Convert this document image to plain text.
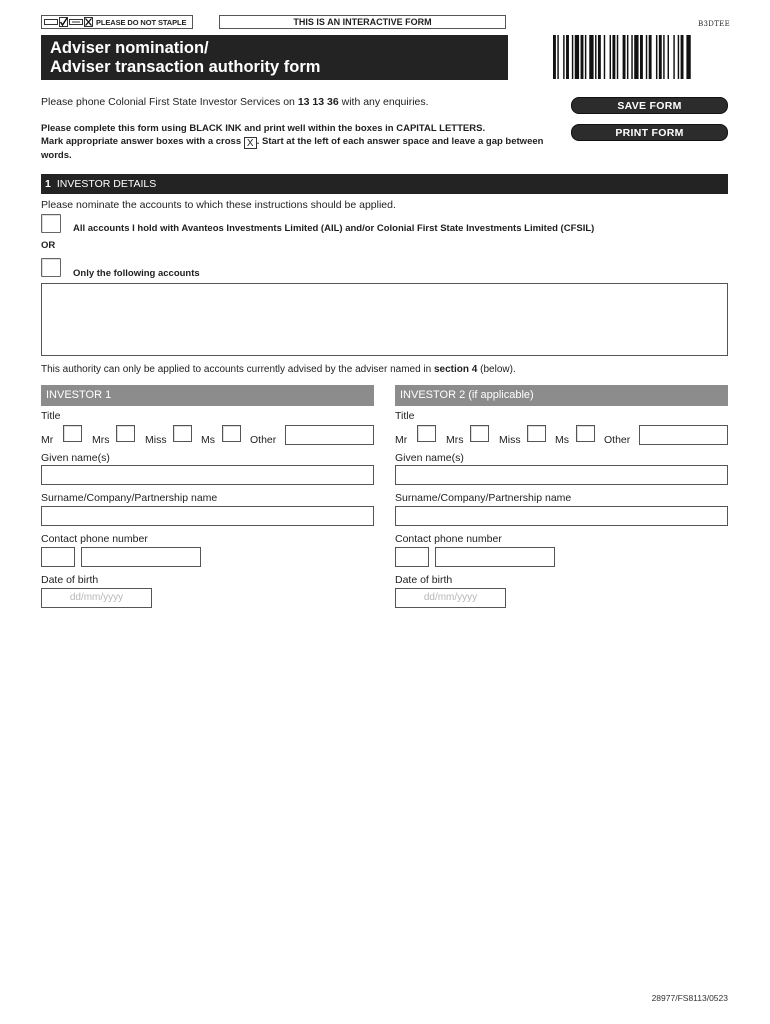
PLEASE DO NOT STAPLE	THIS IS AN INTERACTIVE FORM	B3DTEE
Adviser nomination/
Adviser transaction authority form
Please phone Colonial First State Investor Services on 13 13 36 with any enquiries.
Please complete this form using BLACK INK and print well within the boxes in CAPITAL LETTERS.
Mark appropriate answer boxes with a cross X . Start at the left of each answer space and leave a gap between words.
SAVE FORM
PRINT FORM
1 INVESTOR DETAILS
Please nominate the accounts to which these instructions should be applied.
All accounts I hold with Avanteos Investments Limited (AIL) and/or Colonial First State Investments Limited (CFSIL)
OR
Only the following accounts
This authority can only be applied to accounts currently advised by the adviser named in section 4 (below).
INVESTOR 1
Title
Mr	Mrs	Miss	Ms	Other
Given name(s)
Surname/Company/Partnership name
Contact phone number
Date of birth
dd/mm/yyyy
INVESTOR 2 (if applicable)
Title
Mr	Mrs	Miss	Ms	Other
Given name(s)
Surname/Company/Partnership name
Contact phone number
Date of birth
dd/mm/yyyy
28977/FS8113/0523
